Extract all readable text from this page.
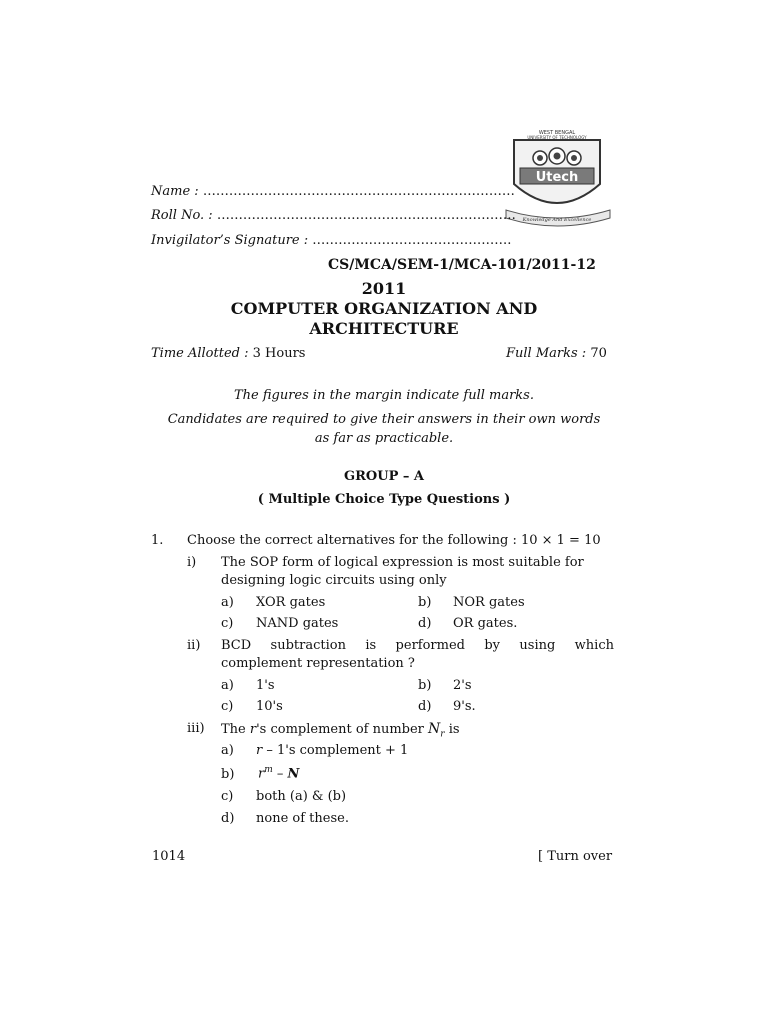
WEST BENGAL
UNIVERSITY OF TECHNOLOGY
Utech
Knowledge And Excellence
Name : ………………………………………………………………
Roll No. : ……………………………………………………………
Invigilator’s Signature : ……………………………………….
CS/MCA/SEM-1/MCA-101/2011-12
2011
COMPUTER ORGANIZATION AND
ARCHITECTURE
Time Allotted : 3 Hours	Full Marks : 70
The figures in the margin indicate full marks.
Candidates are required to give their answers in their own words
as far as practicable.
GROUP – A
( Multiple Choice Type Questions )
1. Choose the correct alternatives for the following : 10 × 1 = 10
i) The SOP form of logical expression is most suitable for
designing logic circuits using only
a) XOR gates	b) NOR gates
c) NAND gates	d) OR gates.
ii) BCD subtraction is performed by using which
complement representation ?
a) 1's	b) 2's
c) 10's	d) 9's.
iii) The r's complement of number $N_r$ is
a) r – 1's complement + 1
b) $r^m$ – N
c) both (a) & (b)
d) none of these.
1014	[ Turn over
